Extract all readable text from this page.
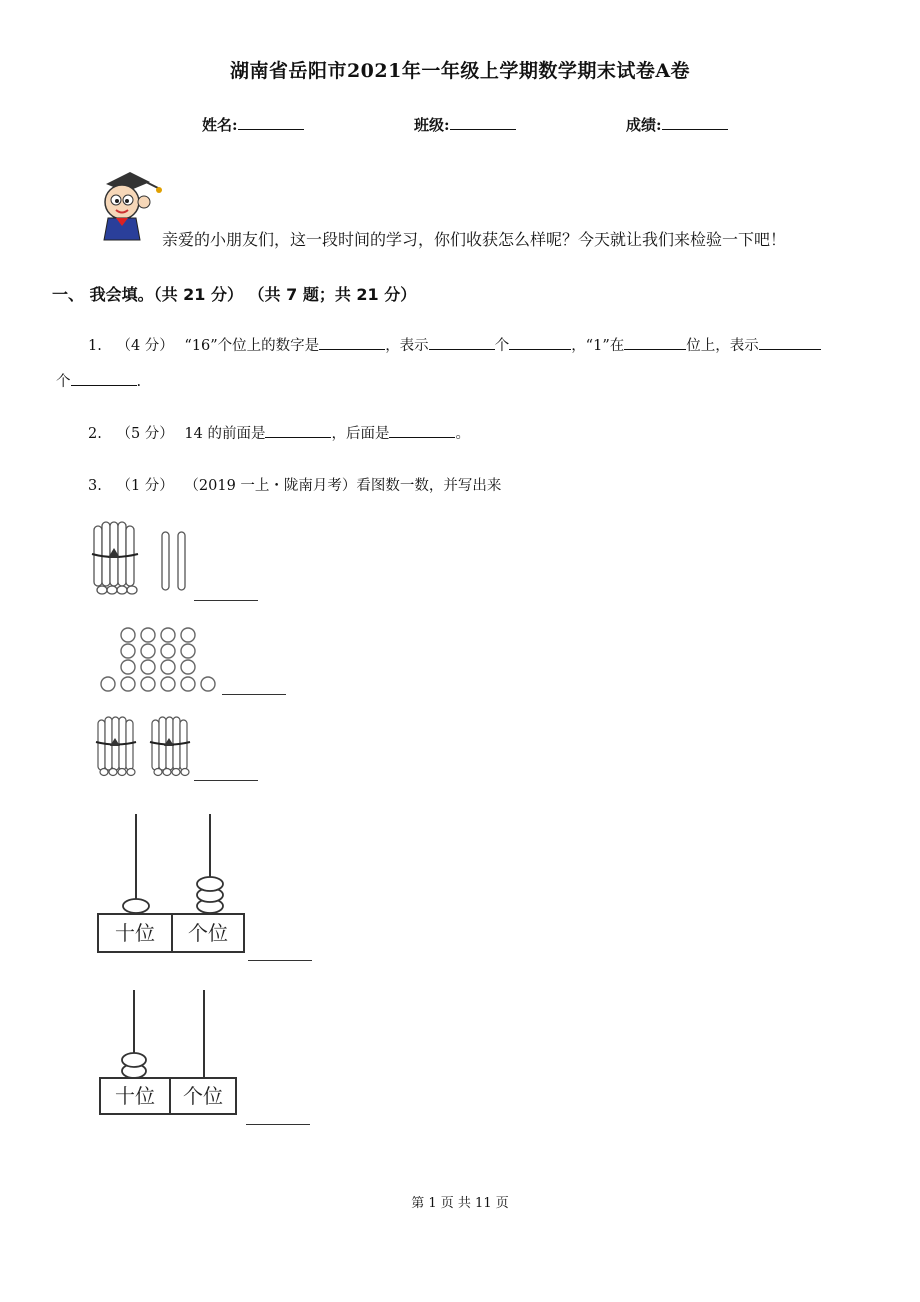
湖南省岳阳市2021年一年级上学期数学期末试卷A卷
姓名:	班级:	成绩:
亲爱的小朋友们，这一段时间的学习，你们收获怎么样呢？今天就让我们来检验一下吧！
一、 我会填。（共 21 分） （共 7 题；共 21 分）
1. （4 分） “16”个位上的数字是	，表示	个	，“1”在	位上，表示
个	.
2. （5 分） 14 的前面是	，后面是	。
3. （1 分） （2019 一上・陇南月考）看图数一数，并写出来
十位 个位
十位 个位
第 1 页 共 11 页
